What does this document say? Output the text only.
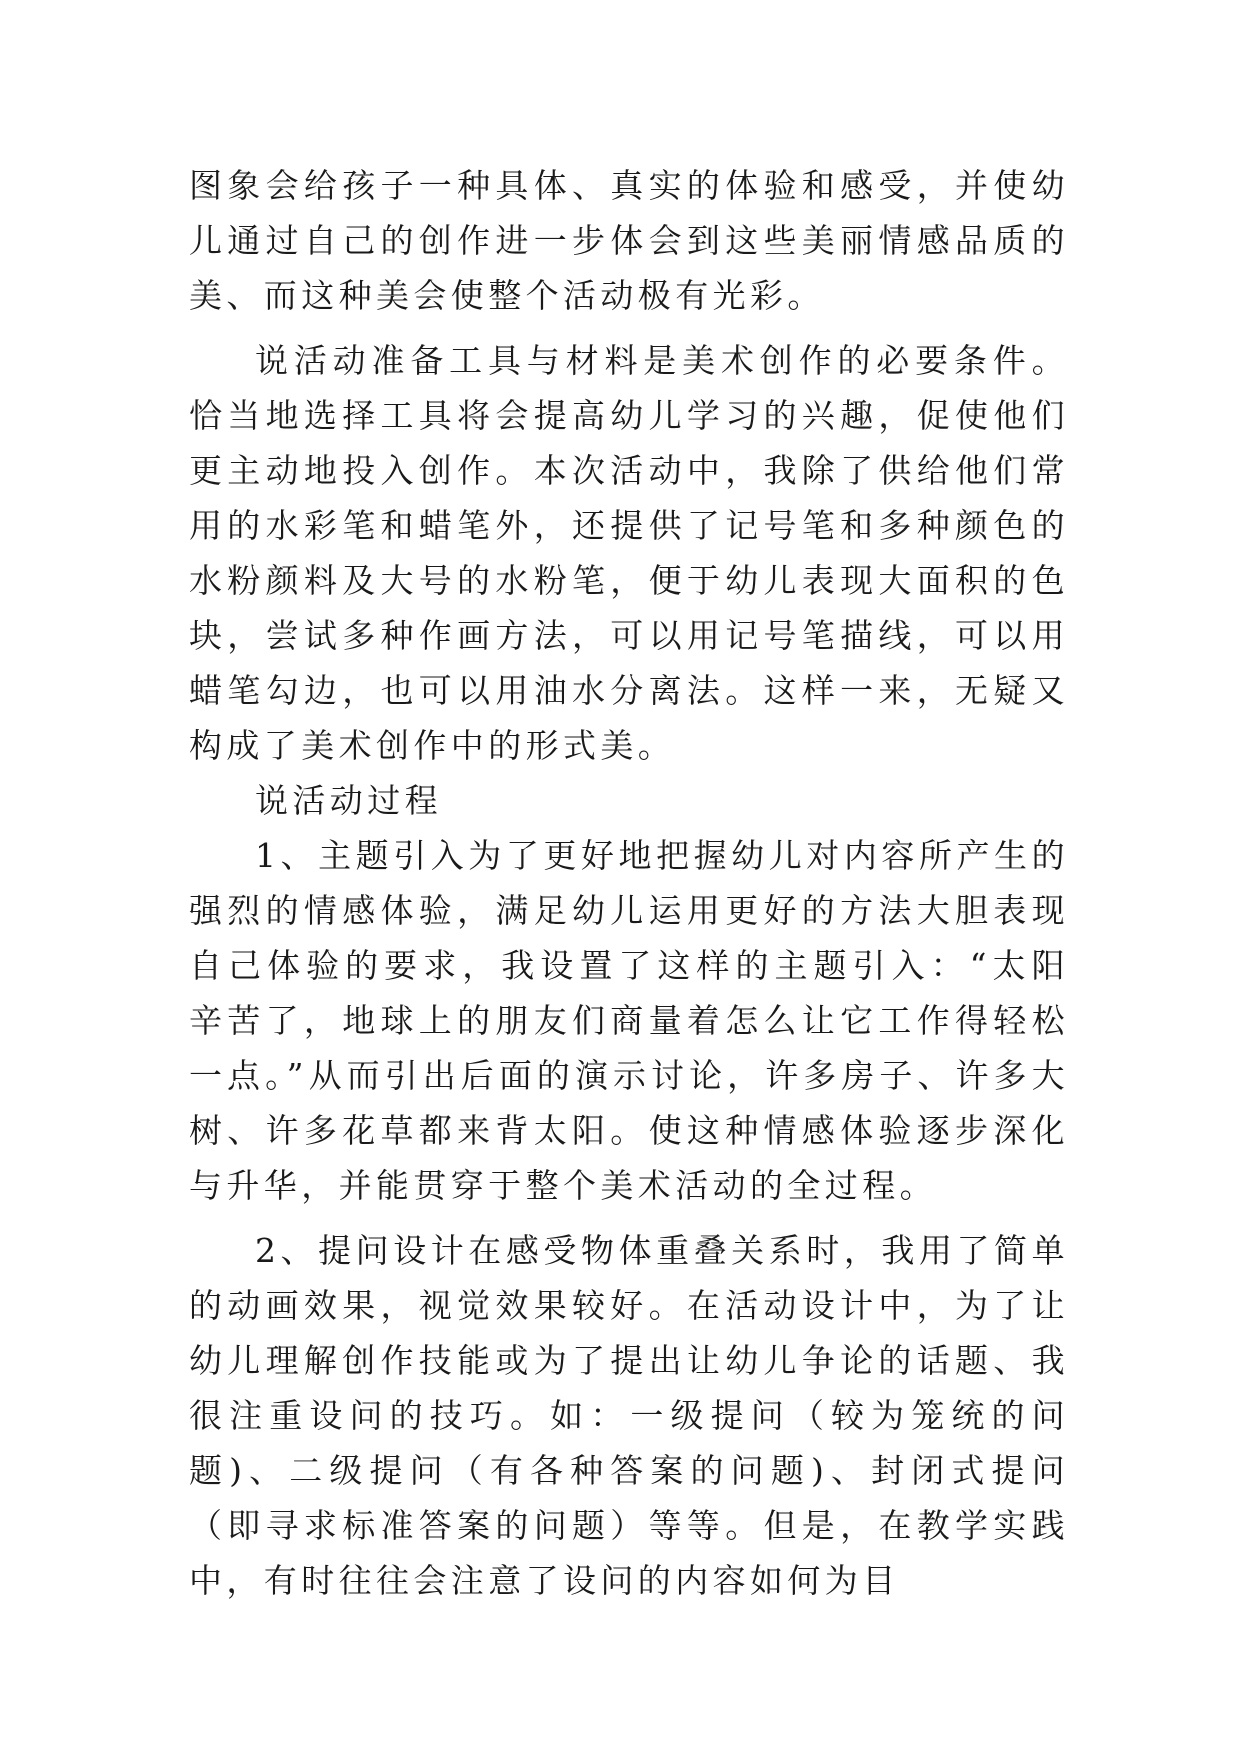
图象会给孩子一种具体、真实的体验和感受，并使幼儿通过自己的创作进一步体会到这些美丽情感品质的美、而这种美会使整个活动极有光彩。

说活动准备工具与材料是美术创作的必要条件。恰当地选择工具将会提高幼儿学习的兴趣，促使他们更主动地投入创作。本次活动中，我除了供给他们常用的水彩笔和蜡笔外，还提供了记号笔和多种颜色的水粉颜料及大号的水粉笔，便于幼儿表现大面积的色块，尝试多种作画方法，可以用记号笔描线，可以用蜡笔勾边，也可以用油水分离法。这样一来，无疑又构成了美术创作中的形式美。

说活动过程

1、主题引入为了更好地把握幼儿对内容所产生的强烈的情感体验，满足幼儿运用更好的方法大胆表现自己体验的要求，我设置了这样的主题引入：“太阳辛苦了，地球上的朋友们商量着怎么让它工作得轻松一点。”从而引出后面的演示讨论，许多房子、许多大树、许多花草都来背太阳。使这种情感体验逐步深化与升华，并能贯穿于整个美术活动的全过程。

2、提问设计在感受物体重叠关系时，我用了简单的动画效果，视觉效果较好。在活动设计中，为了让幼儿理解创作技能或为了提出让幼儿争论的话题、我很注重设问的技巧。如：一级提问（较为笼统的问题)、二级提问（有各种答案的问题)、封闭式提问（即寻求标准答案的问题）等等。但是，在教学实践中，有时往往会注意了设问的内容如何为目
